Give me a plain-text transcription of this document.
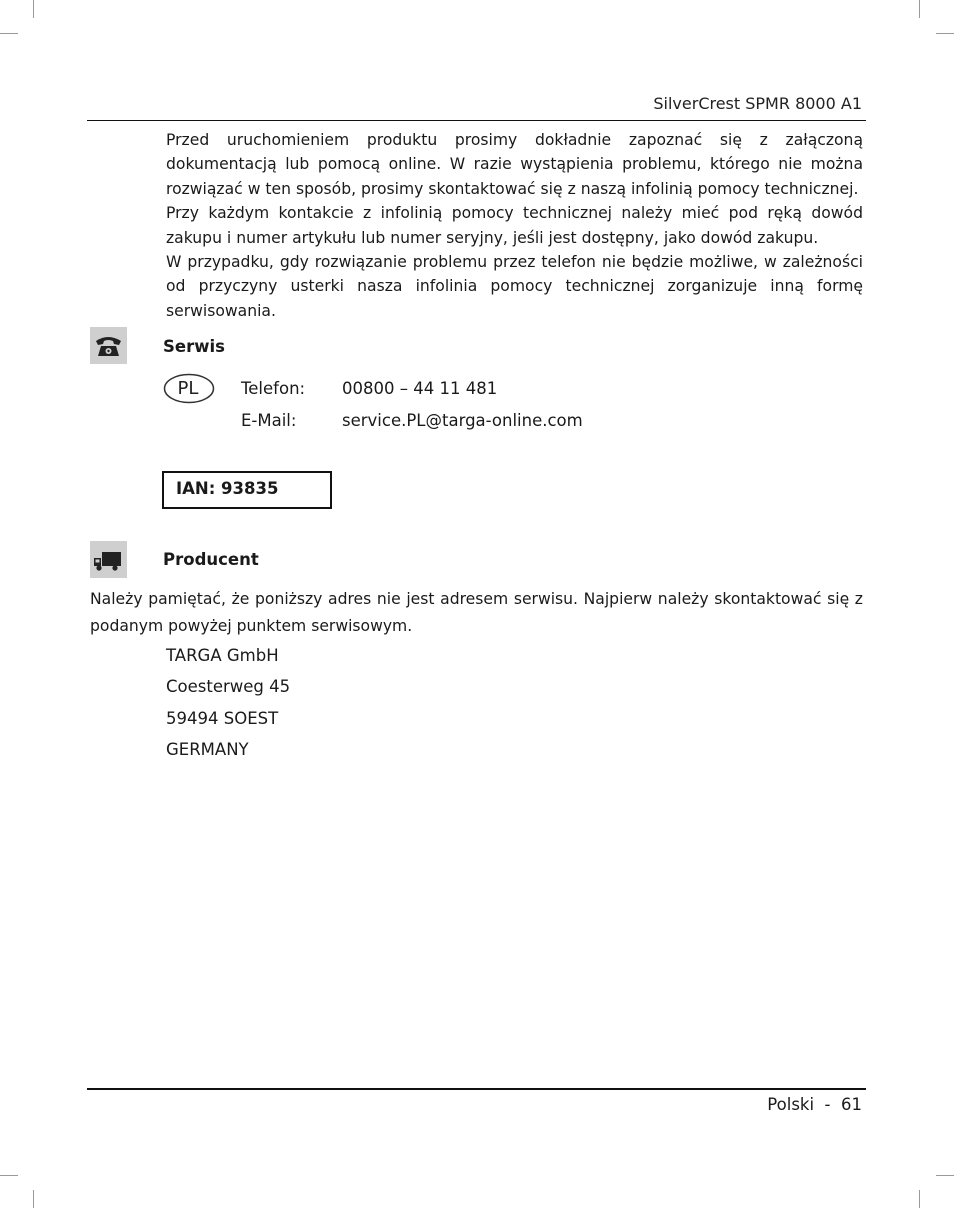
SilverCrest SPMR 8000 A1

Przed uruchomieniem produktu prosimy dokładnie zapoznać się z załączoną dokumentacją lub pomocą online. W razie wystąpienia problemu, którego nie można rozwiązać w ten sposób, prosimy skontaktować się z naszą infolinią pomocy technicznej.

Przy każdym kontakcie z infolinią pomocy technicznej należy mieć pod ręką dowód zakupu i numer artykułu lub numer seryjny, jeśli jest dostępny, jako dowód zakupu.

W przypadku, gdy rozwiązanie problemu przez telefon nie będzie możliwe, w zależności od przyczyny usterki nasza infolinia pomocy technicznej zorganizuje inną formę serwisowania.

Serwis
PL	Telefon: 00800 – 44 11 481
E-Mail:	service.PL@targa-online.com
IAN: 93835
Producent
Należy pamiętać, że poniższy adres nie jest adresem serwisu. Najpierw należy skontaktować się z podanym powyżej punktem serwisowym.
TARGA GmbH
Coesterweg 45
59494 SOEST
GERMANY
Polski  -  61
